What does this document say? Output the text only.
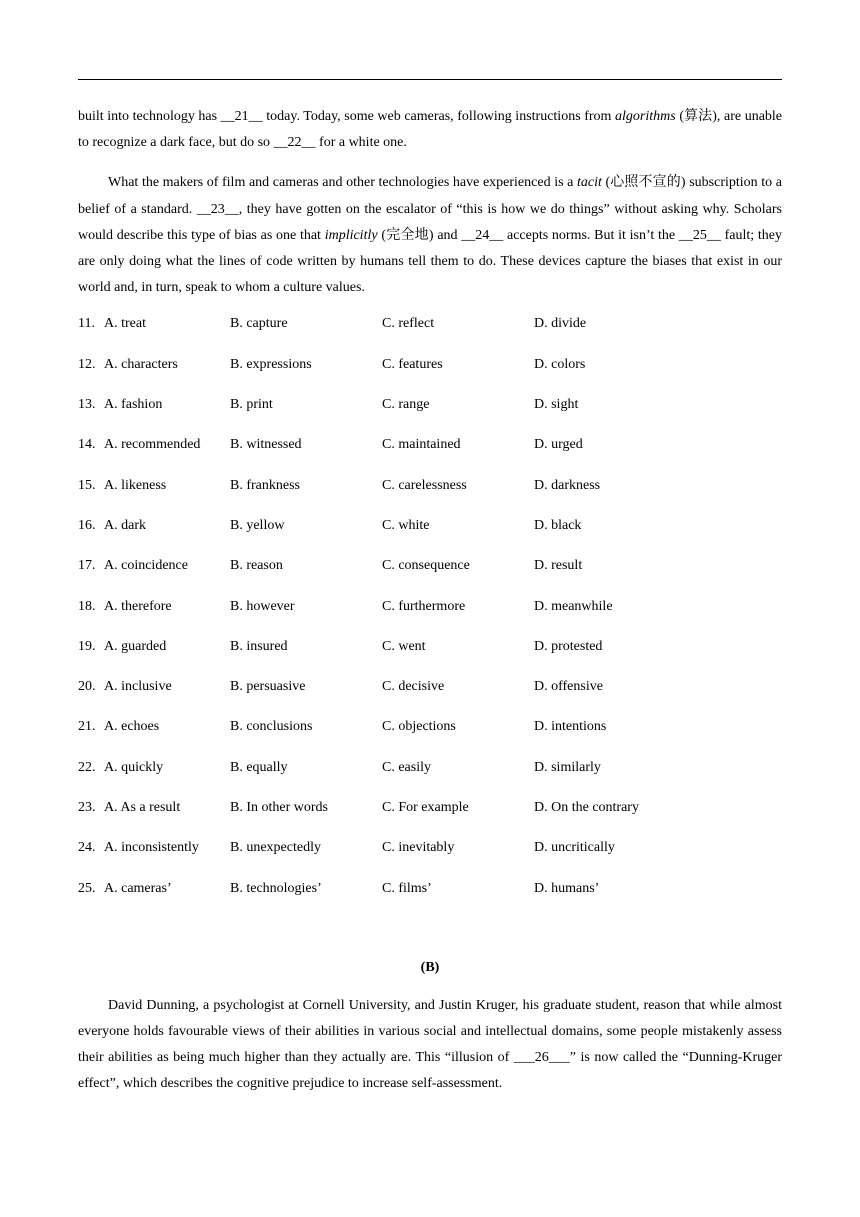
built into technology has __21__ today. Today, some web cameras, following instructions from algorithms (算法), are unable to recognize a dark face, but do so __22__ for a white one.

What the makers of film and cameras and other technologies have experienced is a tacit (心照不宣的) subscription to a belief of a standard. __23__, they have gotten on the escalator of “this is how we do things” without asking why. Scholars would describe this type of bias as one that implicitly (完全地) and __24__ accepts norms. But it isn’t the __25__ fault; they are only doing what the lines of code written by humans tell them to do. These devices capture the biases that exist in our world and, in turn, speak to whom a culture values.

11. A. treat	B. capture	C. reflect	D. divide
12. A. characters	B. expressions	C. features	D. colors
13. A. fashion	B. print	C. range	D. sight
14. A. recommended	B. witnessed	C. maintained	D. urged
15. A. likeness	B. frankness	C. carelessness	D. darkness
16. A. dark	B. yellow	C. white	D. black
17. A. coincidence	B. reason	C. consequence	D. result
18. A. therefore	B. however	C. furthermore	D. meanwhile
19. A. guarded	B. insured	C. went	D. protested
20. A. inclusive	B. persuasive	C. decisive	D. offensive
21. A. echoes	B. conclusions	C. objections	D. intentions
22. A. quickly	B. equally	C. easily	D. similarly
23. A. As a result	B. In other words	C. For example	D. On the contrary
24. A. inconsistently	B. unexpectedly	C. inevitably	D. uncritically
25. A. cameras’	B. technologies’	C. films’	D. humans’
(B)

David Dunning, a psychologist at Cornell University, and Justin Kruger, his graduate student, reason that while almost everyone holds favourable views of their abilities in various social and intellectual domains, some people mistakenly assess their abilities as being much higher than they actually are. This “illusion of ___26___” is now called the “Dunning-Kruger effect”, which describes the cognitive prejudice to increase self-assessment.
